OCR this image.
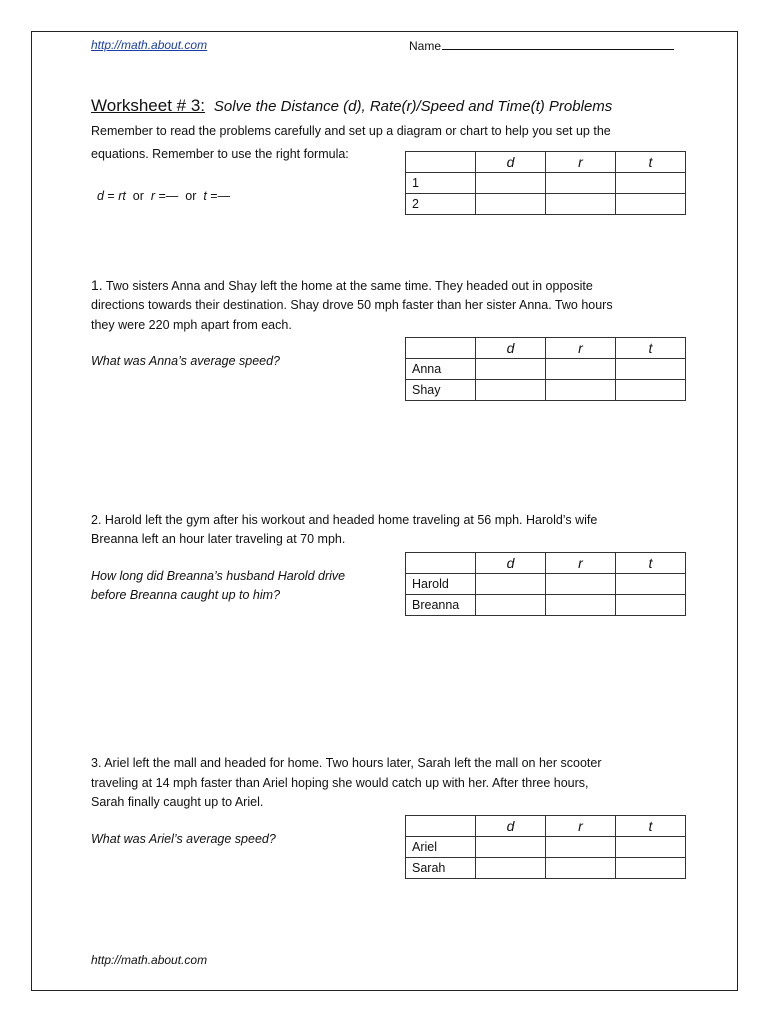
http://math.about.com	Name
Worksheet # 3: Solve the Distance (d), Rate(r)/Speed and Time(t) Problems
Remember to read the problems carefully and set up a diagram or chart to help you set up the
equations. Remember to use the right formula:
d = rt  or  r =—  or  t =—
	d	r	t
1			
2			
1. Two sisters Anna and Shay left the home at the same time. They headed out in opposite
directions towards their destination. Shay drove 50 mph faster than her sister Anna. Two hours
they were 220 mph apart from each.
What was Anna’s average speed?
	d	r	t
Anna			
Shay			
2. Harold left the gym after his workout and headed home traveling at 56 mph. Harold’s wife
Breanna left an hour later traveling at 70 mph.
How long did Breanna’s husband Harold drive
before Breanna caught up to him?
	d	r	t
Harold			
Breanna			
3. Ariel left the mall and headed for home. Two hours later, Sarah left the mall on her scooter
traveling at 14 mph faster than Ariel hoping she would catch up with her. After three hours,
Sarah finally caught up to Ariel.
What was Ariel’s average speed?
	d	r	t
Ariel			
Sarah			
http://math.about.com
